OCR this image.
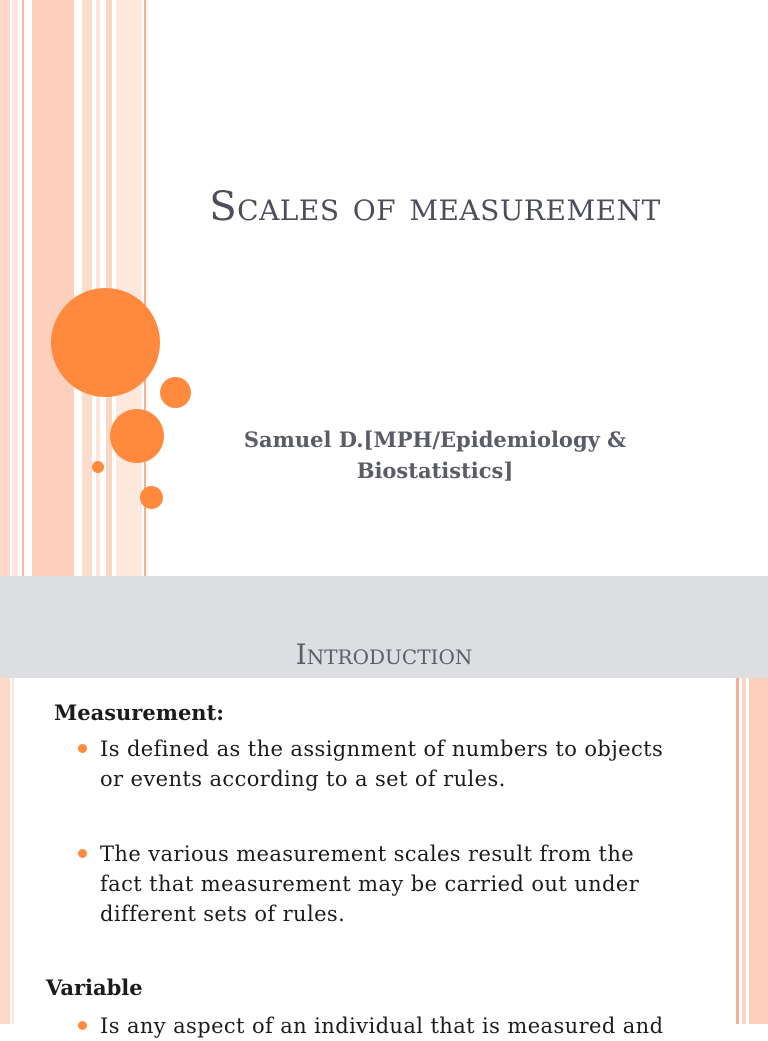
Scales of measurement
Samuel D.[MPH/Epidemiology &
Biostatistics]
Introduction
Measurement:
Is defined as the assignment of numbers to objects
or events according to a set of rules.
The various measurement scales result from the
fact that measurement may be carried out under
different sets of rules.
Variable
Is any aspect of an individual that is measured and
